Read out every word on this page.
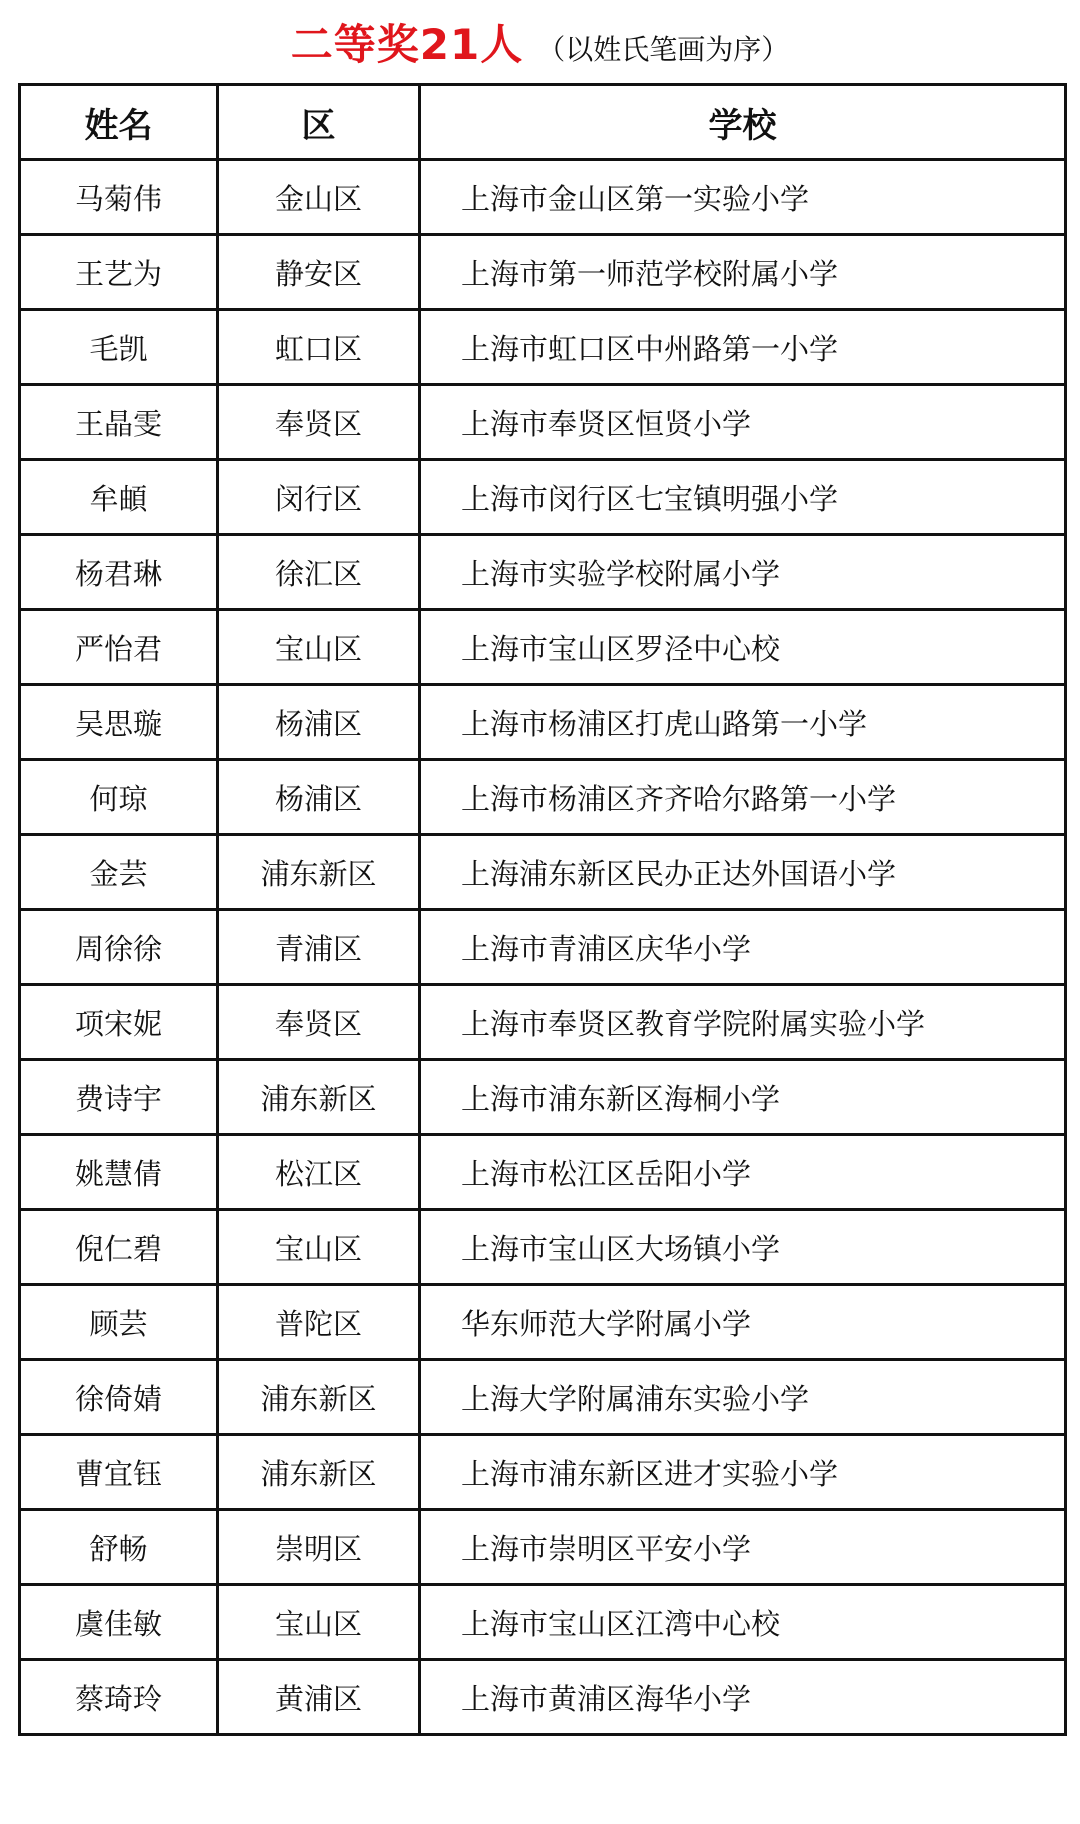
二等奖21人 （以姓氏笔画为序）
姓名	区	学校
马菊伟	金山区	上海市金山区第一实验小学
王艺为	静安区	上海市第一师范学校附属小学
毛凯	虹口区	上海市虹口区中州路第一小学
王晶雯	奉贤区	上海市奉贤区恒贤小学
牟頔	闵行区	上海市闵行区七宝镇明强小学
杨君琳	徐汇区	上海市实验学校附属小学
严怡君	宝山区	上海市宝山区罗泾中心校
吴思璇	杨浦区	上海市杨浦区打虎山路第一小学
何琼	杨浦区	上海市杨浦区齐齐哈尔路第一小学
金芸	浦东新区	上海浦东新区民办正达外国语小学
周徐徐	青浦区	上海市青浦区庆华小学
项宋妮	奉贤区	上海市奉贤区教育学院附属实验小学
费诗宇	浦东新区	上海市浦东新区海桐小学
姚慧倩	松江区	上海市松江区岳阳小学
倪仁碧	宝山区	上海市宝山区大场镇小学
顾芸	普陀区	华东师范大学附属小学
徐倚婧	浦东新区	上海大学附属浦东实验小学
曹宜钰	浦东新区	上海市浦东新区进才实验小学
舒畅	崇明区	上海市崇明区平安小学
虞佳敏	宝山区	上海市宝山区江湾中心校
蔡琦玲	黄浦区	上海市黄浦区海华小学
